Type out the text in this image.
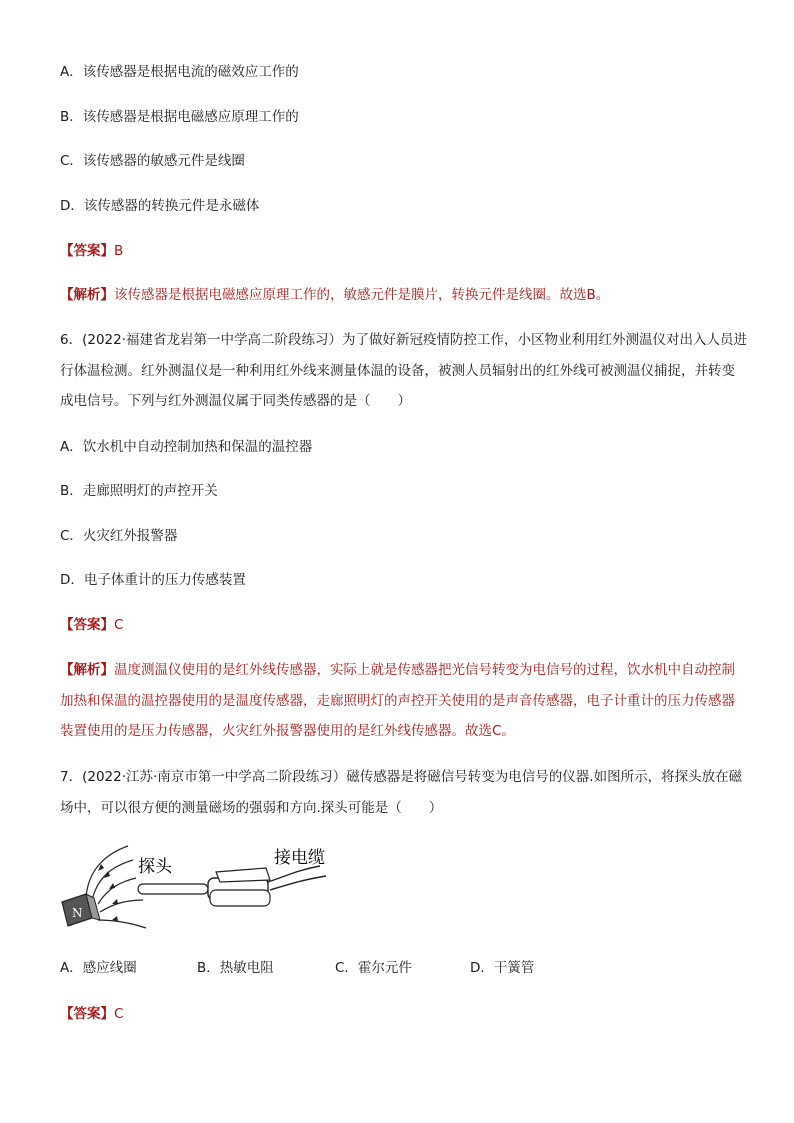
A．该传感器是根据电流的磁效应工作的
B．该传感器是根据电磁感应原理工作的
C．该传感器的敏感元件是线圈
D．该传感器的转换元件是永磁体
【答案】B
【解析】该传感器是根据电磁感应原理工作的，敏感元件是膜片，转换元件是线圈。故选B。
6．(2022·福建省龙岩第一中学高二阶段练习）为了做好新冠疫情防控工作，小区物业利用红外测温仪对出入人员进行体温检测。红外测温仪是一种利用红外线来测量体温的设备，被测人员辐射出的红外线可被测温仪捕捉，并转变成电信号。下列与红外测温仪属于同类传感器的是（　　）
A．饮水机中自动控制加热和保温的温控器
B．走廊照明灯的声控开关
C．火灾红外报警器
D．电子体重计的压力传感装置
【答案】C
【解析】温度测温仪使用的是红外线传感器，实际上就是传感器把光信号转变为电信号的过程，饮水机中自动控制加热和保温的温控器使用的是温度传感器，走廊照明灯的声控开关使用的是声音传感器，电子计重计的压力传感器装置使用的是压力传感器，火灾红外报警器使用的是红外线传感器。故选C。
7．(2022·江苏·南京市第一中学高二阶段练习）磁传感器是将磁信号转变为电信号的仪器.如图所示，将探头放在磁场中，可以很方便的测量磁场的强弱和方向.探头可能是（　　）
N
探头	接电缆
A．感应线圈	B．热敏电阻	C．霍尔元件	D．干簧管
【答案】C
